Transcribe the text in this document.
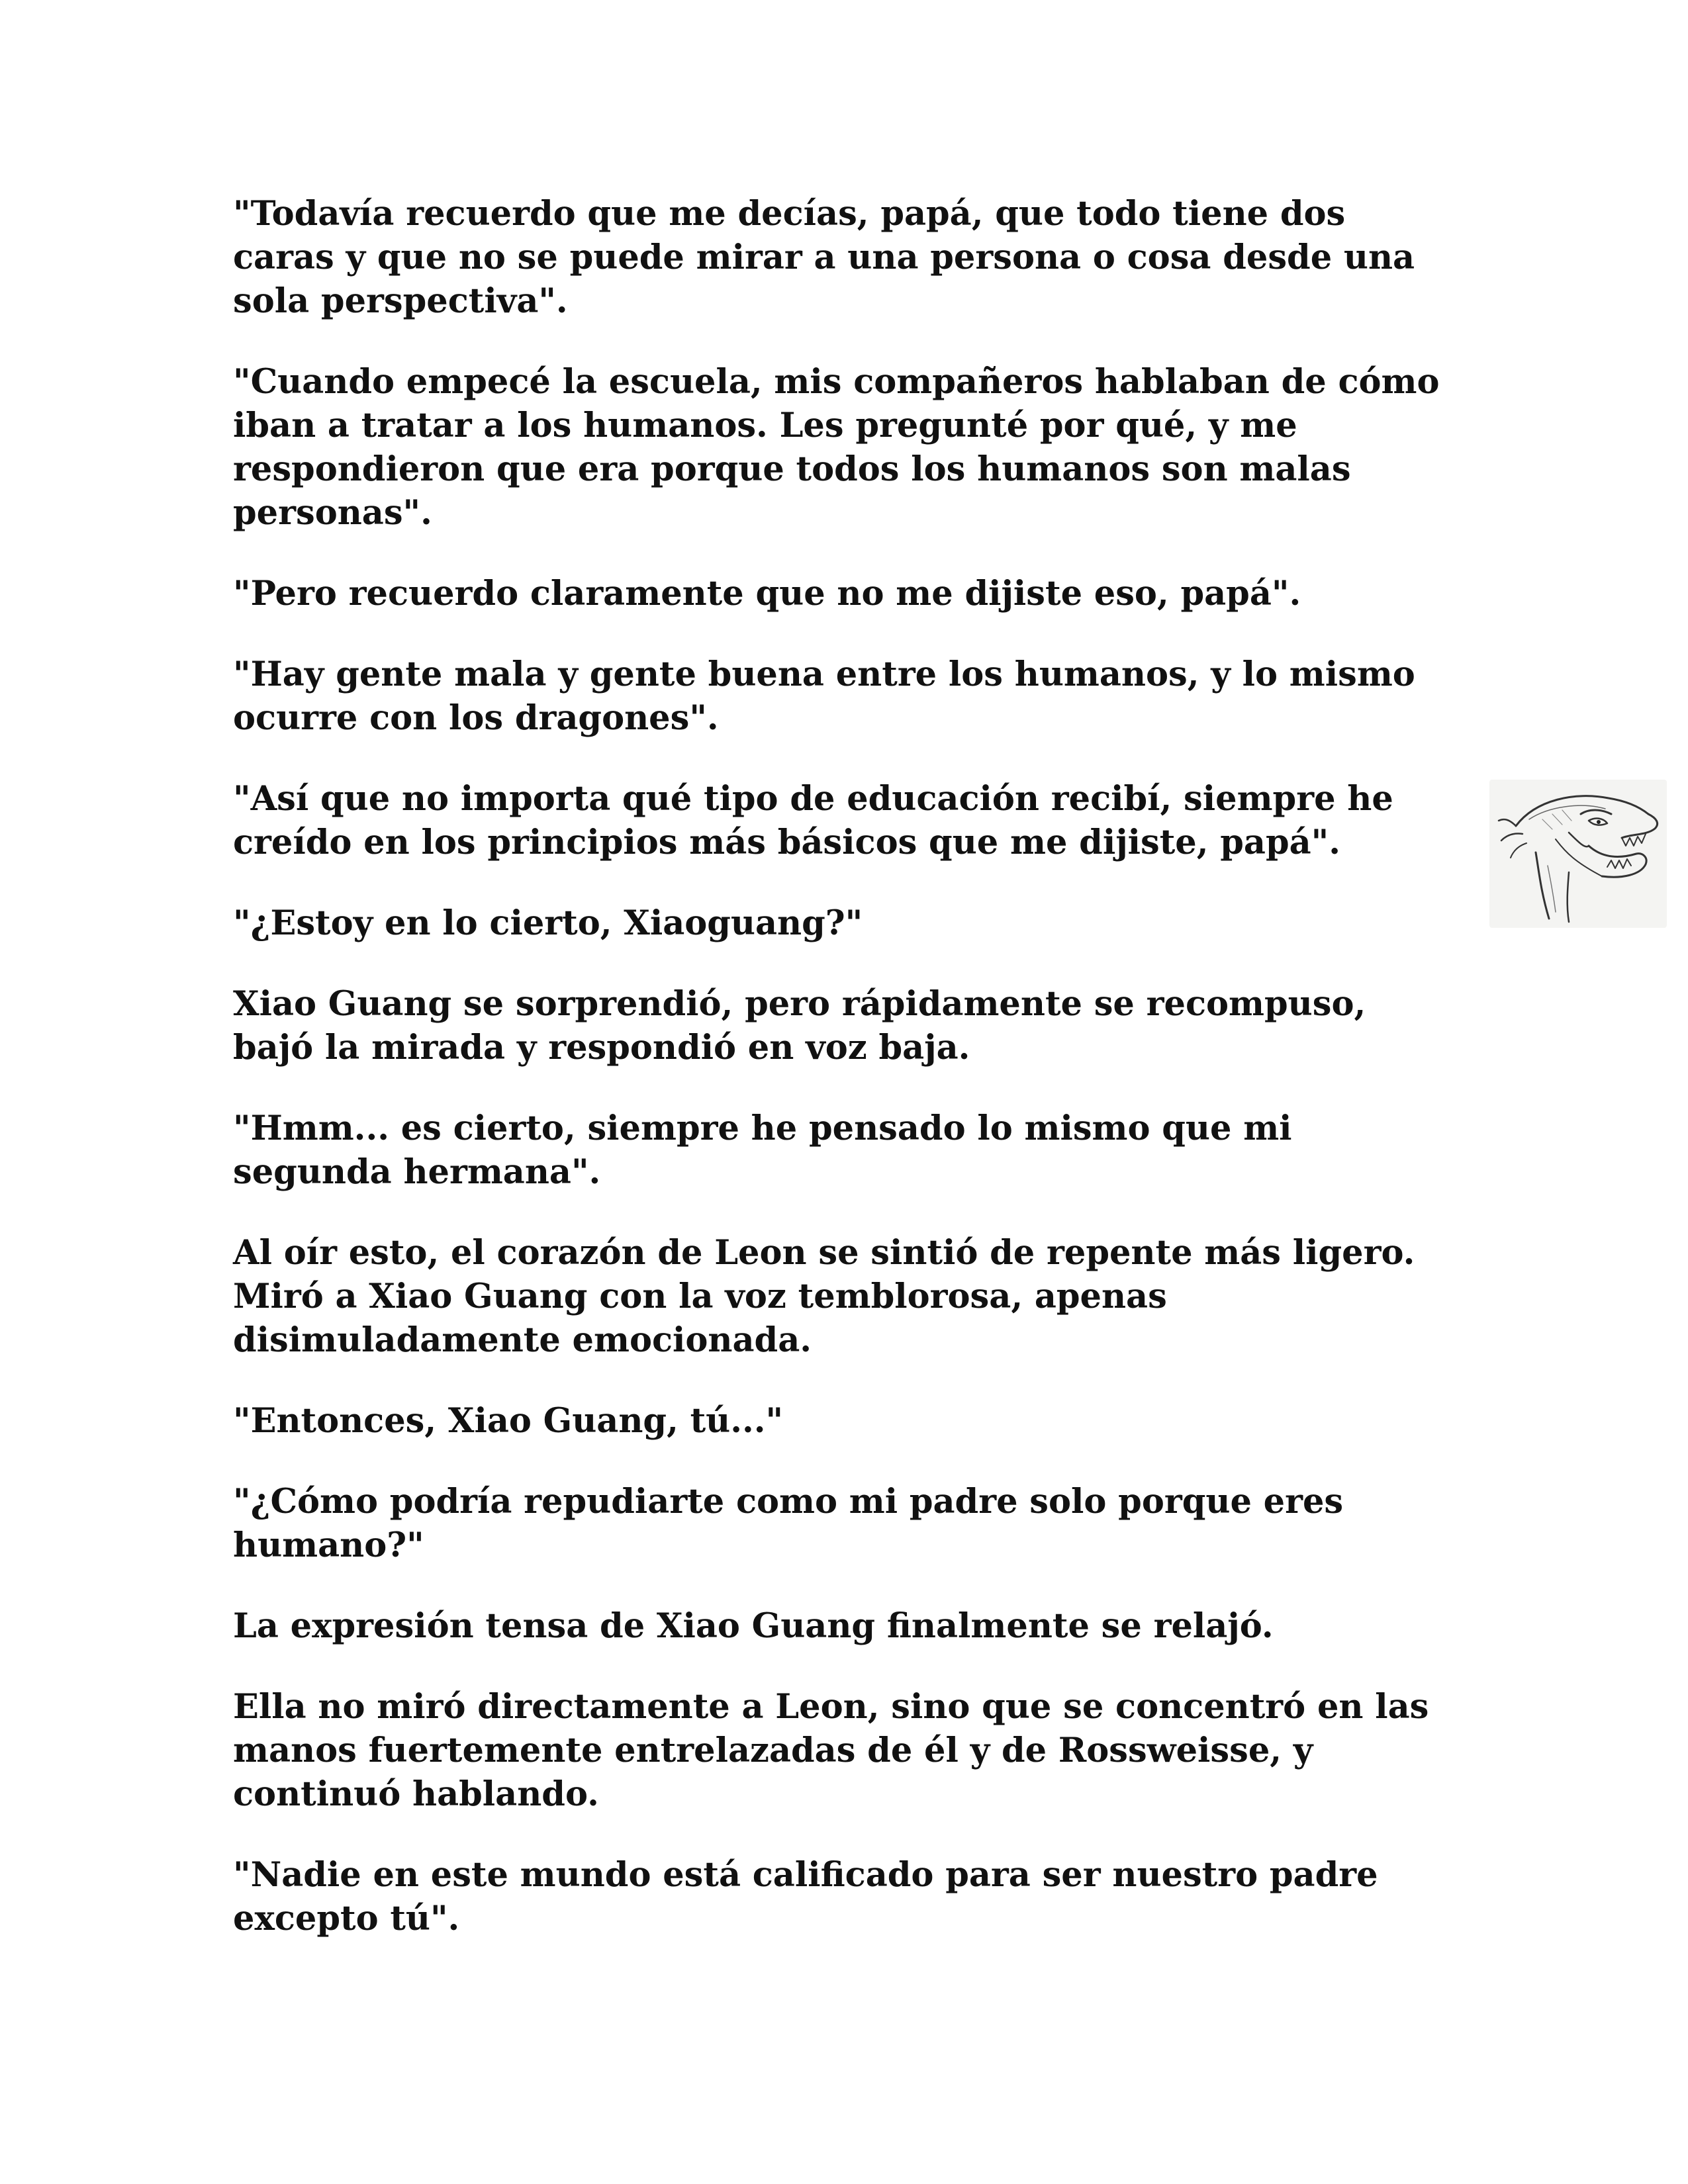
"Todavía recuerdo que me decías, papá, que todo tiene dos
caras y que no se puede mirar a una persona o cosa desde una
sola perspectiva".

"Cuando empecé la escuela, mis compañeros hablaban de cómo
iban a tratar a los humanos. Les pregunté por qué, y me
respondieron que era porque todos los humanos son malas
personas".

"Pero recuerdo claramente que no me dijiste eso, papá".

"Hay gente mala y gente buena entre los humanos, y lo mismo
ocurre con los dragones".

"Así que no importa qué tipo de educación recibí, siempre he
creído en los principios más básicos que me dijiste, papá".

"¿Estoy en lo cierto, Xiaoguang?"

Xiao Guang se sorprendió, pero rápidamente se recompuso,
bajó la mirada y respondió en voz baja.

"Hmm... es cierto, siempre he pensado lo mismo que mi
segunda hermana".

Al oír esto, el corazón de Leon se sintió de repente más ligero.
Miró a Xiao Guang con la voz temblorosa, apenas
disimuladamente emocionada.

"Entonces, Xiao Guang, tú..."

"¿Cómo podría repudiarte como mi padre solo porque eres
humano?"

La expresión tensa de Xiao Guang finalmente se relajó.

Ella no miró directamente a Leon, sino que se concentró en las
manos fuertemente entrelazadas de él y de Rossweisse, y
continuó hablando.

"Nadie en este mundo está calificado para ser nuestro padre
excepto tú".
